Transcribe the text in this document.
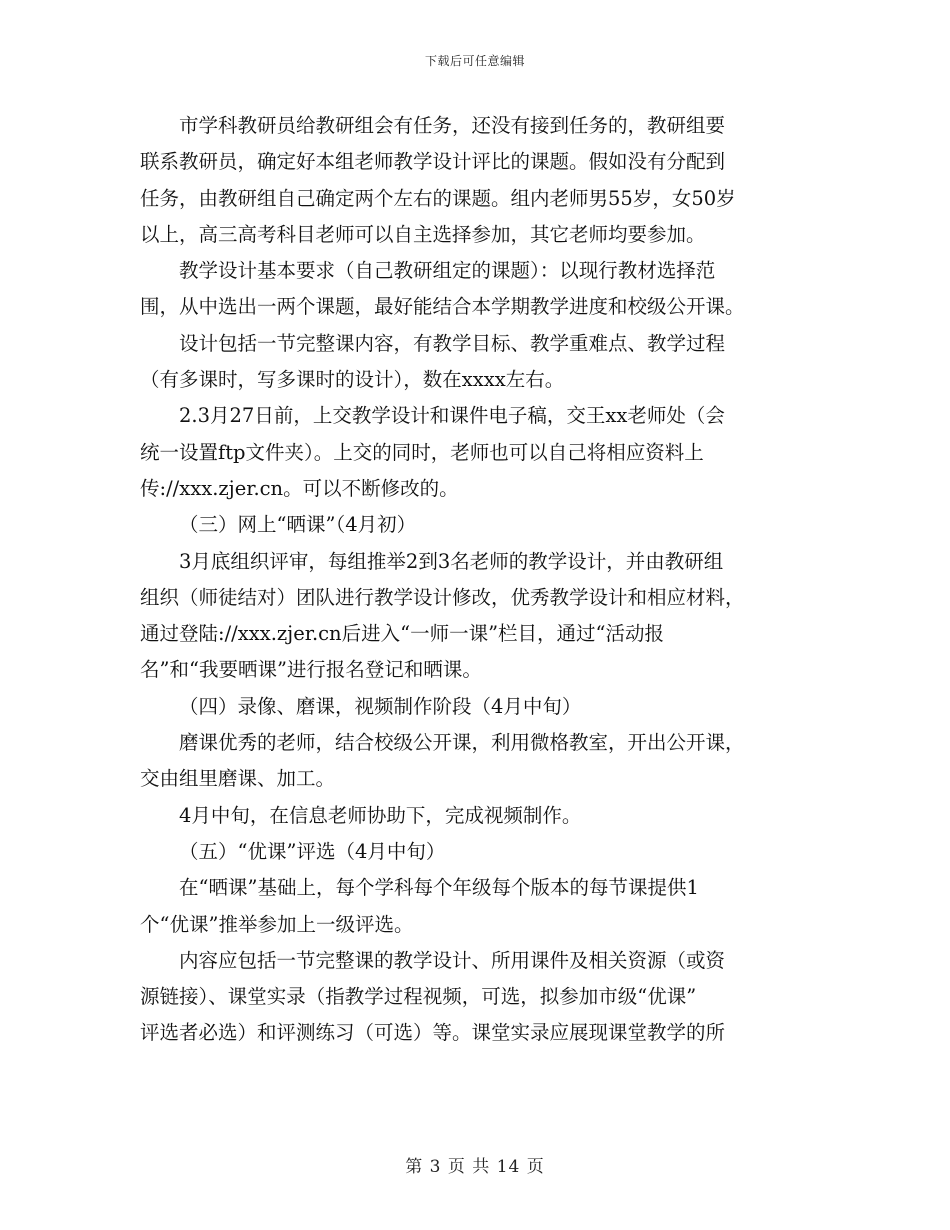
下载后可任意编辑
市学科教研员给教研组会有任务，还没有接到任务的，教研组要
联系教研员，确定好本组老师教学设计评比的课题。假如没有分配到
任务，由教研组自己确定两个左右的课题。组内老师男55岁，女50岁
以上，高三高考科目老师可以自主选择参加，其它老师均要参加。
教学设计基本要求（自己教研组定的课题）：以现行教材选择范
围，从中选出一两个课题，最好能结合本学期教学进度和校级公开课。
设计包括一节完整课内容，有教学目标、教学重难点、教学过程
（有多课时，写多课时的设计），数在xxxx左右。
2.3月27日前，上交教学设计和课件电子稿，交王xx老师处（会
统一设置ftp文件夹）。上交的同时，老师也可以自己将相应资料上
传://xxx.zjer.cn。可以不断修改的。
（三）网上“晒课”（4月初）
3月底组织评审，每组推举2到3名老师的教学设计，并由教研组
组织（师徒结对）团队进行教学设计修改，优秀教学设计和相应材料，
通过登陆://xxx.zjer.cn后进入“一师一课”栏目，通过“活动报
名”和“我要晒课”进行报名登记和晒课。
（四）录像、磨课，视频制作阶段（4月中旬）
磨课优秀的老师，结合校级公开课，利用微格教室，开出公开课，
交由组里磨课、加工。
4月中旬，在信息老师协助下，完成视频制作。
（五）“优课”评选（4月中旬）
在“晒课”基础上，每个学科每个年级每个版本的每节课提供1
个“优课”推举参加上一级评选。
内容应包括一节完整课的教学设计、所用课件及相关资源（或资
源链接）、课堂实录（指教学过程视频，可选，拟参加市级“优课”
评选者必选）和评测练习（可选）等。课堂实录应展现课堂教学的所
第 3 页 共 14 页
